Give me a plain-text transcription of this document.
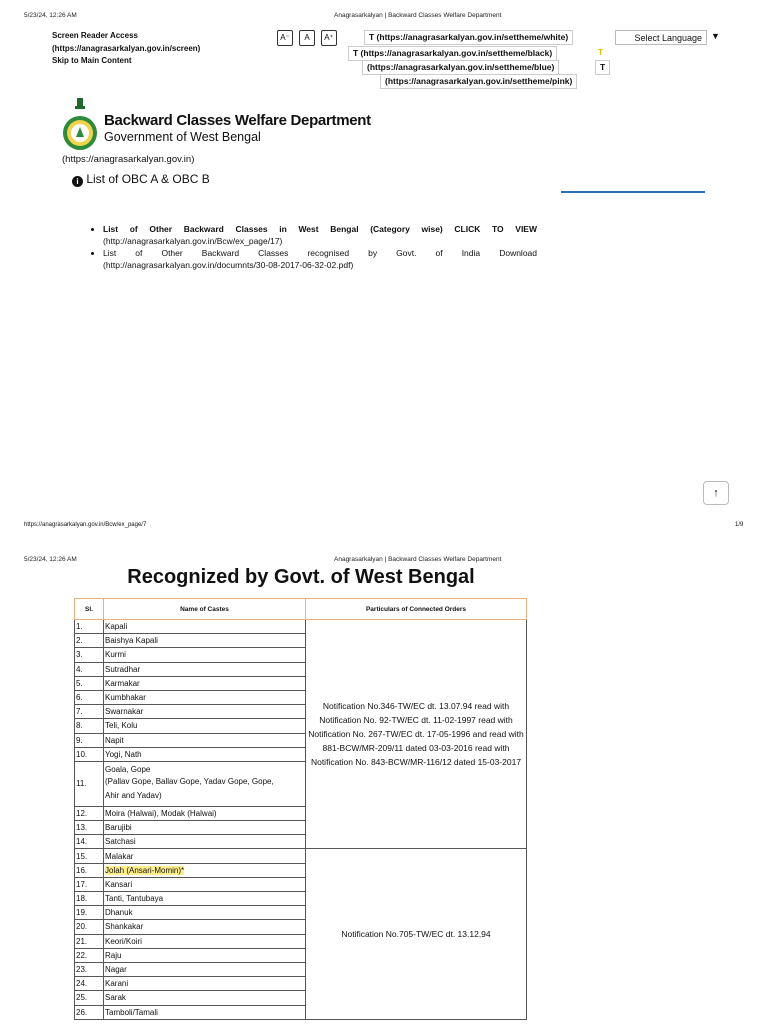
5/23/24, 12:26 AM	Anagrasarkalyan | Backward Classes Welfare Department
Screen Reader Access
(https://anagrasarkalyan.gov.in/screen)
Skip to Main Content
A⁻	A	A⁺	T (https://anagrasarkalyan.gov.in/settheme/white)
T (https://anagrasarkalyan.gov.in/settheme/black)	T
(https://anagrasarkalyan.gov.in/settheme/blue)	T
(https://anagrasarkalyan.gov.in/settheme/pink)
Select Language	▼
Backward Classes Welfare Department
Government of West Bengal
(https://anagrasarkalyan.gov.in)
i List of OBC A & OBC B
• List of Other Backward Classes in West Bengal (Category wise) CLICK TO VIEW (http://anagrasarkalyan.gov.in/Bcw/ex_page/17)
• List of Other Backward Classes recognised by Govt. of India Download (http://anagrasarkalyan.gov.in/documnts/30-08-2017-06-32-02.pdf)
↑
https://anagrasarkalyan.gov.in/Bcw/ex_page/7	1/9
5/23/24, 12:26 AM	Anagrasarkalyan | Backward Classes Welfare Department
Recognized by Govt. of West Bengal
Sl.	Name of Castes	Particulars of Connected Orders
1.	Kapali	Notification No.346-TW/EC dt. 13.07.94 read with Notification No. 92-TW/EC dt. 11-02-1997 read with Notification No. 267-TW/EC dt. 17-05-1996 and read with 881-BCW/MR-209/11 dated 03-03-2016 read with Notification No. 843-BCW/MR-116/12 dated 15-03-2017
2.	Baishya Kapali	
3.	Kurmi	
4.	Sutradhar	
5.	Karmakar	
6.	Kumbhakar	
7.	Swarnakar	
8.	Teli, Kolu	
9.	Napit	
10.	Yogi, Nath	
11.	Goala, Gope
(Pallav Gope, Ballav Gope, Yadav Gope, Gope, Ahir and Yadav)	

12.	Moira (Halwai), Modak (Halwai)	
13.	Barujibi	
14.	Satchasi	
15.	Malakar	Notification No.705-TW/EC dt. 13.12.94
16.	Jolah (Ansari-Momin)*	
17.	Kansari	
18.	Tanti, Tantubaya	
19.	Dhanuk	
20.	Shankakar	
21.	Keori/Koiri	
22.	Raju	
23.	Nagar	
24.	Karani	
25.	Sarak	
26.	Tamboli/Tamali	
